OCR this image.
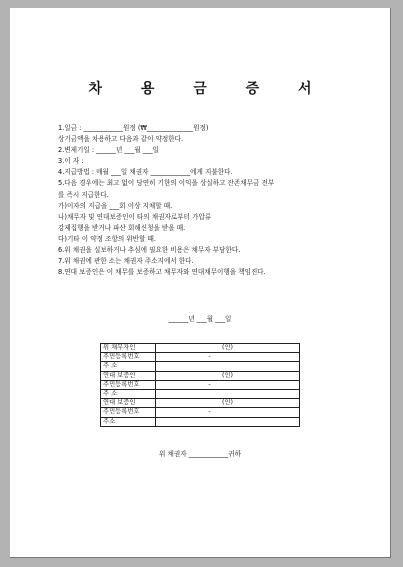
차 용 금 증 서
1.일금 : ____________원정 (₩______________원정)
상기금액을 차용하고 다음과 같이 약정한다.
2.변제기일 : ______년 ___월 ___일
3.이 자 :
4.지급방법 : 매월 ___일 채권자 ____________에게 지불한다.
5.다음 경우에는 최고 없이 당연히 기한의 이익을 상실하고 잔존채무금 전부
를 즉시 지급한다.
가)이자의 지급을 ___회 이상 지체할 때.
나)채무자 및 연대보증인이 타의 채권자로부터 가압류
강제집행을 받거나 파산 회해신청을 받을 때.
다)기타 이 약정 조항의 위반할 때.
6.위 채권을 실보하거나 추심에 필요한 비용은 채무자 부담한다.
7.위 채권에 관한 소는 채권자 주소지에서 한다.
8.연대 보증인은 이 채무를 보증하고 채무자와 연대채무이행을 책임진다.
______년 ___월 ___일
위 채무자인	(인)
주민등록번호	-
주 소	
연대 보증인	(인)
주민등록번호	-
주 소	
연대 보증인	(인)
주민등록번호	-
주소	
위 채권자 ____________귀하
